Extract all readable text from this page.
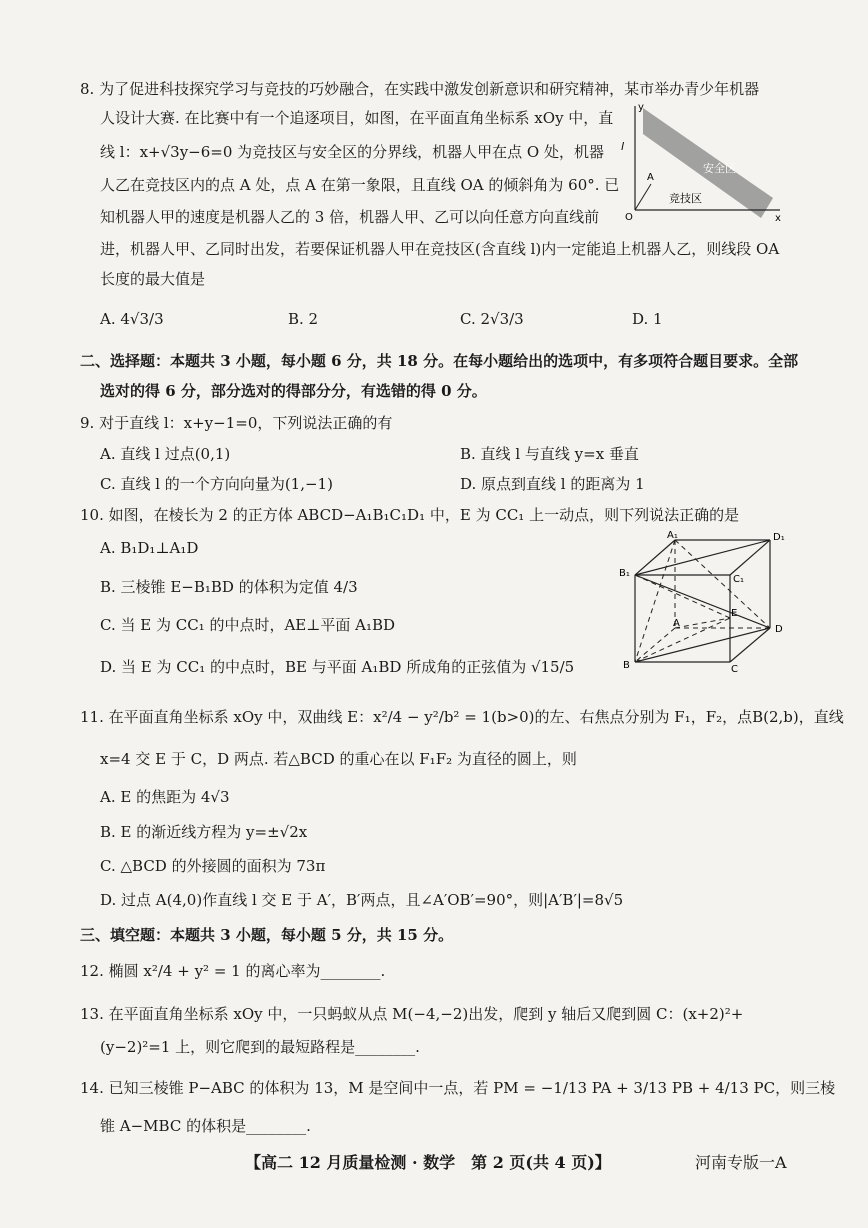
8. 为了促进科技探究学习与竞技的巧妙融合，在实践中激发创新意识和研究精神，某市举办青少年机器
人设计大赛. 在比赛中有一个追逐项目，如图，在平面直角坐标系 xOy 中，直
线 l：x+√3y−6=0 为竞技区与安全区的分界线，机器人甲在点 O 处，机器
人乙在竞技区内的点 A 处，点 A 在第一象限，且直线 OA 的倾斜角为 60°. 已
知机器人甲的速度是机器人乙的 3 倍，机器人甲、乙可以向任意方向直线前
进，机器人甲、乙同时出发，若要保证机器人甲在竞技区(含直线 l)内一定能追上机器人乙，则线段 OA
长度的最大值是
A. 4√3/3	B. 2	C. 2√3/3	D. 1
y
l
安全区
竞技区
A
O	x
二、选择题：本题共 3 小题，每小题 6 分，共 18 分。在每小题给出的选项中，有多项符合题目要求。全部
选对的得 6 分，部分选对的得部分分，有选错的得 0 分。
9. 对于直线 l：x+y−1=0，下列说法正确的有
A. 直线 l 过点(0,1)	B. 直线 l 与直线 y=x 垂直
C. 直线 l 的一个方向向量为(1,−1)	D. 原点到直线 l 的距离为 1
10. 如图，在棱长为 2 的正方体 ABCD−A₁B₁C₁D₁ 中，E 为 CC₁ 上一动点，则下列说法正确的是
A. B₁D₁⊥A₁D
B. 三棱锥 E−B₁BD 的体积为定值 4/3
C. 当 E 为 CC₁ 的中点时，AE⊥平面 A₁BD
D. 当 E 为 CC₁ 的中点时，BE 与平面 A₁BD 所成角的正弦值为 √15/5
A₁	D₁
B₁
C₁
A
E
D
B	C
11. 在平面直角坐标系 xOy 中，双曲线 E：x²/4 − y²/b² = 1(b>0)的左、右焦点分别为 F₁，F₂，点B(2,b)，直线
x=4 交 E 于 C，D 两点. 若△BCD 的重心在以 F₁F₂ 为直径的圆上，则
A. E 的焦距为 4√3
B. E 的渐近线方程为 y=±√2x
C. △BCD 的外接圆的面积为 73π
D. 过点 A(4,0)作直线 l 交 E 于 A′，B′两点，且∠A′OB′=90°，则|A′B′|=8√5
三、填空题：本题共 3 小题，每小题 5 分，共 15 分。
12. 椭圆 x²/4 + y² = 1 的离心率为________.
13. 在平面直角坐标系 xOy 中，一只蚂蚁从点 M(−4,−2)出发，爬到 y 轴后又爬到圆 C：(x+2)²+
(y−2)²=1 上，则它爬到的最短路程是________.
14. 已知三棱锥 P−ABC 的体积为 13，M 是空间中一点，若 PM = −1/13 PA + 3/13 PB + 4/13 PC，则三棱
锥 A−MBC 的体积是________.
【高二 12 月质量检测 · 数学　第 2 页(共 4 页)】	河南专版一A
